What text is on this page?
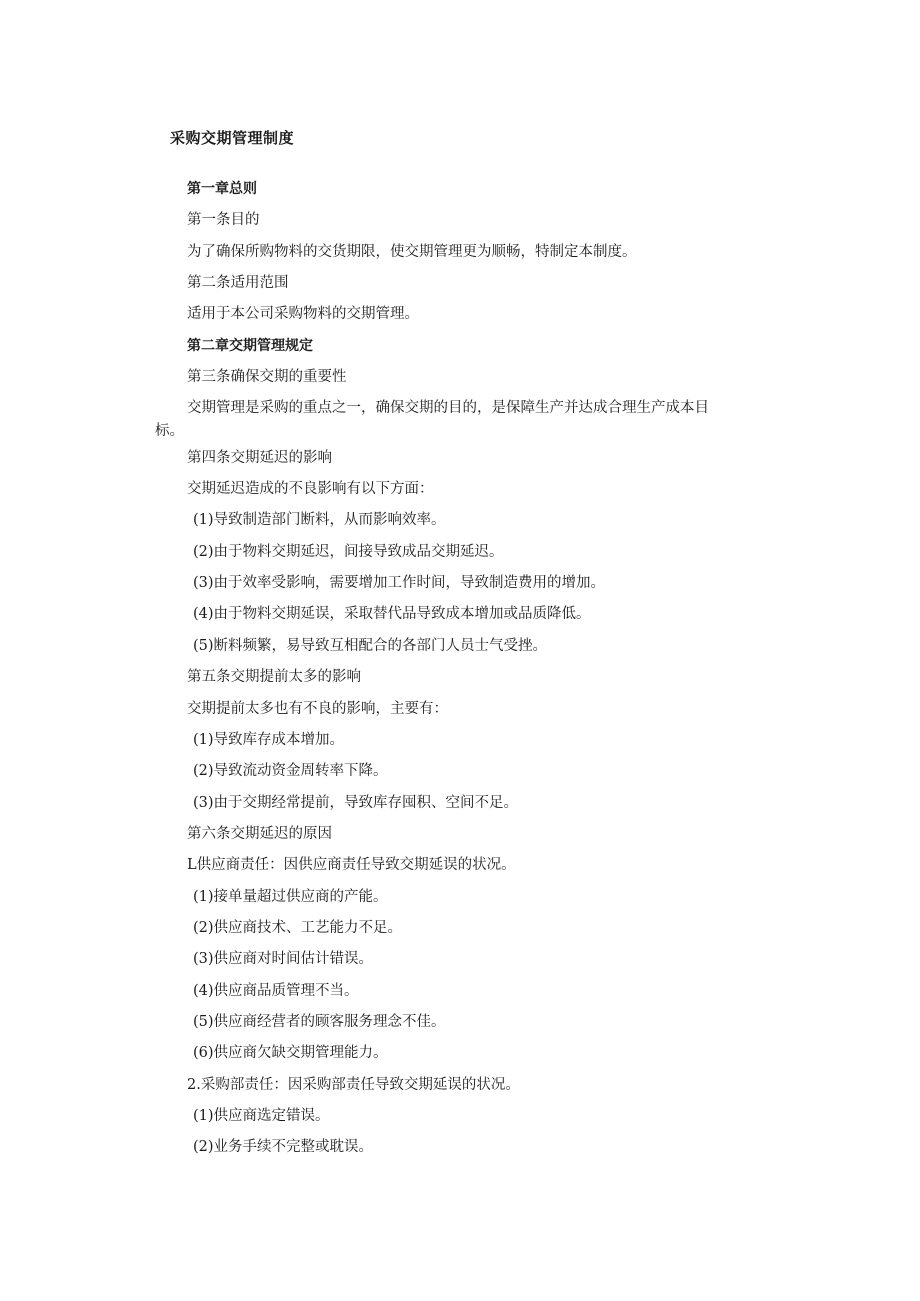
采购交期管理制度

第一章总则

第一条目的

为了确保所购物料的交货期限，使交期管理更为顺畅，特制定本制度。

第二条适用范围

适用于本公司采购物料的交期管理。

第二章交期管理规定

第三条确保交期的重要性

交期管理是采购的重点之一，确保交期的目的，是保障生产并达成合理生产成本目

标。

第四条交期延迟的影响

交期延迟造成的不良影响有以下方面：

(1)导致制造部门断料，从而影响效率。

(2)由于物料交期延迟，间接导致成品交期延迟。

(3)由于效率受影响，需要增加工作时间，导致制造费用的增加。

(4)由于物料交期延误，采取替代品导致成本增加或品质降低。

(5)断料频繁，易导致互相配合的各部门人员士气受挫。

第五条交期提前太多的影响

交期提前太多也有不良的影响，主要有：

(1)导致库存成本增加。

(2)导致流动资金周转率下降。

(3)由于交期经常提前，导致库存囤积、空间不足。

第六条交期延迟的原因

L供应商责任：因供应商责任导致交期延误的状况。

(1)接单量超过供应商的产能。

(2)供应商技术、工艺能力不足。

(3)供应商对时间估计错误。

(4)供应商品质管理不当。

(5)供应商经营者的顾客服务理念不佳。

(6)供应商欠缺交期管理能力。

2.采购部责任：因采购部责任导致交期延误的状况。

(1)供应商选定错误。

(2)业务手续不完整或耽误。
